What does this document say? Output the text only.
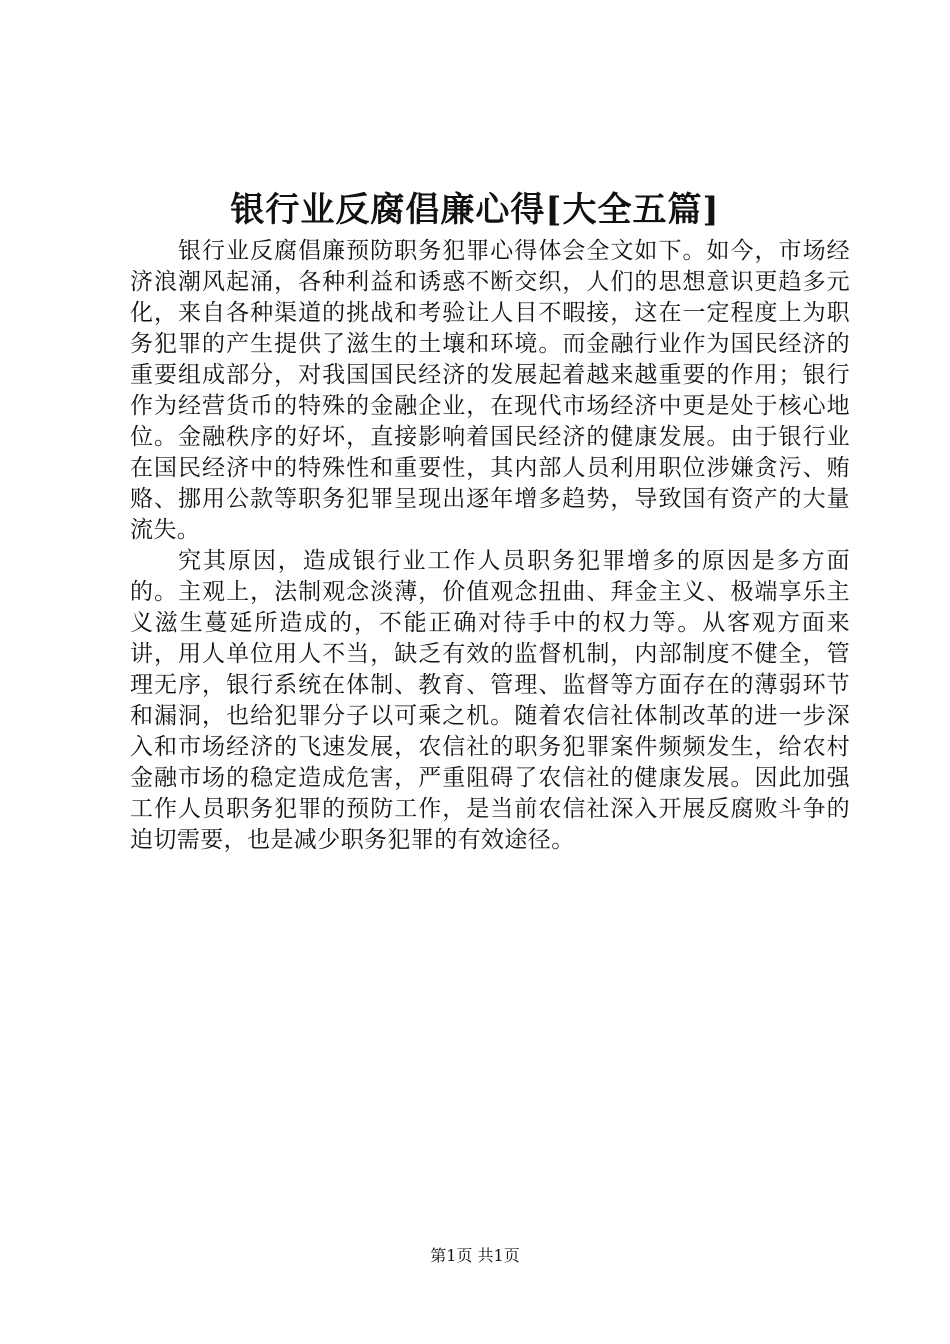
银行业反腐倡廉心得[大全五篇]

银行业反腐倡廉预防职务犯罪心得体会全文如下。如今，市场经济浪潮风起涌，各种利益和诱惑不断交织，人们的思想意识更趋多元化，来自各种渠道的挑战和考验让人目不暇接，这在一定程度上为职务犯罪的产生提供了滋生的土壤和环境。而金融行业作为国民经济的重要组成部分，对我国国民经济的发展起着越来越重要的作用；银行作为经营货币的特殊的金融企业，在现代市场经济中更是处于核心地位。金融秩序的好坏，直接影响着国民经济的健康发展。由于银行业在国民经济中的特殊性和重要性，其内部人员利用职位涉嫌贪污、贿赂、挪用公款等职务犯罪呈现出逐年增多趋势，导致国有资产的大量流失。

究其原因，造成银行业工作人员职务犯罪增多的原因是多方面的。主观上，法制观念淡薄，价值观念扭曲、拜金主义、极端享乐主义滋生蔓延所造成的，不能正确对待手中的权力等。从客观方面来讲，用人单位用人不当，缺乏有效的监督机制，内部制度不健全，管理无序，银行系统在体制、教育、管理、监督等方面存在的薄弱环节和漏洞，也给犯罪分子以可乘之机。随着农信社体制改革的进一步深入和市场经济的飞速发展，农信社的职务犯罪案件频频发生，给农村金融市场的稳定造成危害，严重阻碍了农信社的健康发展。因此加强工作人员职务犯罪的预防工作，是当前农信社深入开展反腐败斗争的迫切需要，也是减少职务犯罪的有效途径。

第1页 共1页
